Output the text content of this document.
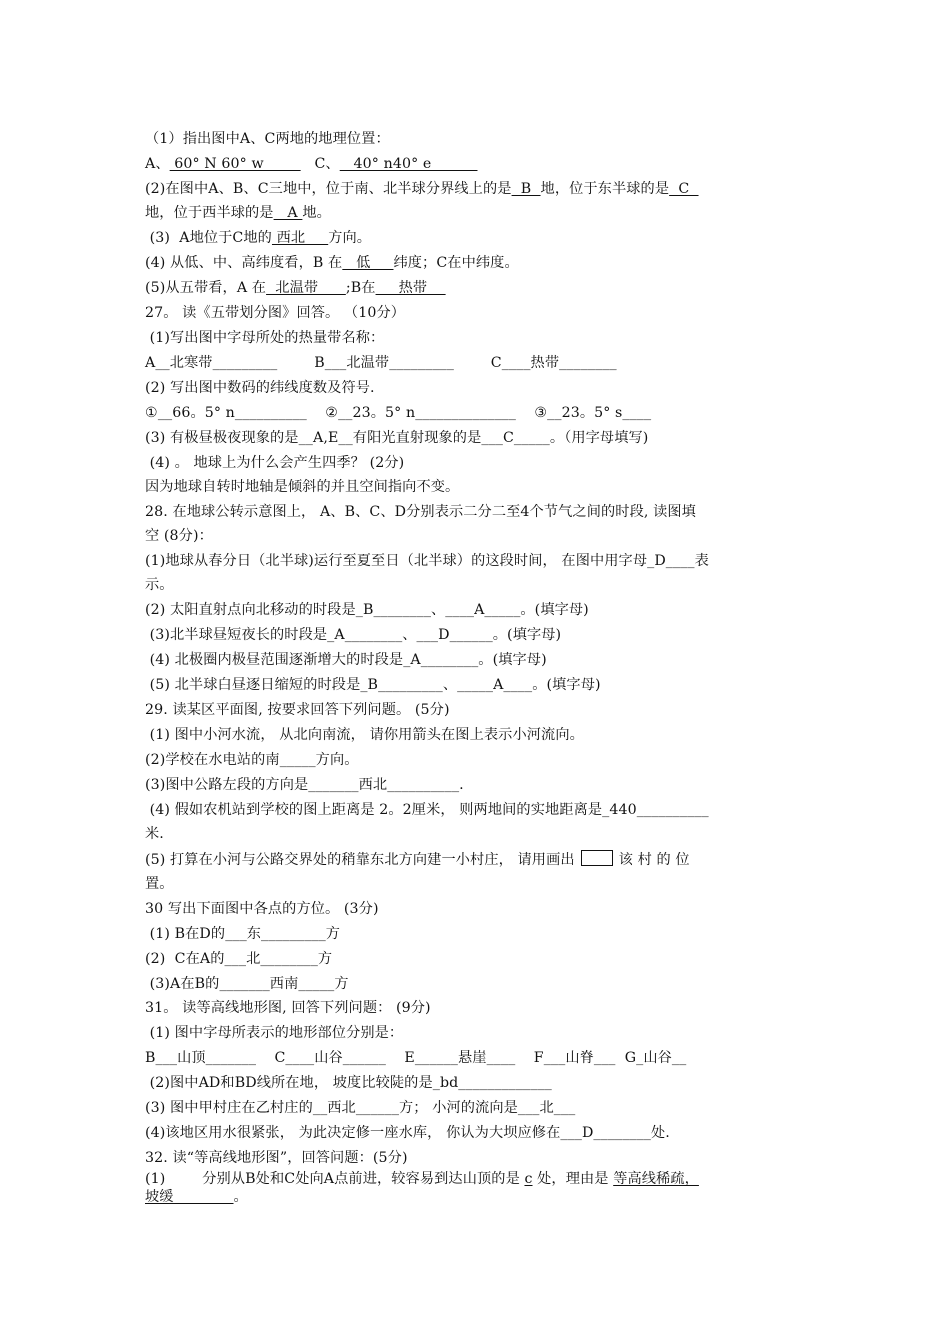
（1）指出图中A、C两地的地理位置：
A、 60° N 60° w           C、   40° n40° e
(2)在图中A、B、C三地中，位于南、北半球分界线上的是  B  地，位于东半球的是  C
地，位于西半球的是   A 地。
(3)  A地位于C地的 西北     方向。
(4) 从低、中、高纬度看，B 在   低     纬度；C在中纬度。
(5)从五带看，A 在  北温带      ;B在     热带
27。 读《五带划分图》回答。 （10分）
(1)写出图中字母所处的热量带名称：
A__北寒带_________        B___北温带_________        C____热带________
(2) 写出图中数码的纬线度数及符号.
①__66。5° n__________    ②__23。5° n______________    ③__23。5° s____
(3) 有极昼极夜现象的是__A,E__有阳光直射现象的是___C_____。（用字母填写)
(4) 。 地球上为什么会产生四季？ (2分)
因为地球自转时地轴是倾斜的并且空间指向不变。
28. 在地球公转示意图上， A、B、C、D分别表示二分二至4个节气之间的时段, 读图填
空 (8分)：
(1)地球从春分日（北半球)运行至夏至日（北半球）的这段时间， 在图中用字母_D____表
示。
(2) 太阳直射点向北移动的时段是_B________、____A_____。(填字母)
(3)北半球昼短夜长的时段是_A________、___D______。(填字母)
(4) 北极圈内极昼范围逐渐增大的时段是_A________。(填字母)
(5) 北半球白昼逐日缩短的时段是_B_________、_____A____。(填字母)
29. 读某区平面图, 按要求回答下列问题。 (5分)
(1) 图中小河水流， 从北向南流， 请你用箭头在图上表示小河流向。
(2)学校在水电站的南_____方向。
(3)图中公路左段的方向是_______西北__________.
(4) 假如农机站到学校的图上距离是 2。2厘米， 则两地间的实地距离是_440__________
米.
(5) 打算在小河与公路交界处的稍靠东北方向建一小村庄， 请用画出	该 村 的 位
置。
30 写出下面图中各点的方位。 (3分)
(1) B在D的___东_________方
(2)  C在A的___北________方
(3)A在B的_______西南_____方
31。 读等高线地形图, 回答下列问题： (9分)
(1) 图中字母所表示的地形部位分别是：
B___山顶_______    C____山谷______    E______悬崖____    F___山脊___  G_山谷__
(2)图中AD和BD线所在地， 坡度比较陡的是_bd_____________
(3) 图中甲村庄在乙村庄的__西北______方； 小河的流向是___北___
(4)该地区用水很紧张， 为此决定修一座水库， 你认为大坝应修在___D________处.
32. 读“等高线地形图”，回答问题：(5分)
(1)        分别从B处和C处向A点前进，较容易到达山顶的是 c 处，理由是 等高线稀疏，
坡缓             。
